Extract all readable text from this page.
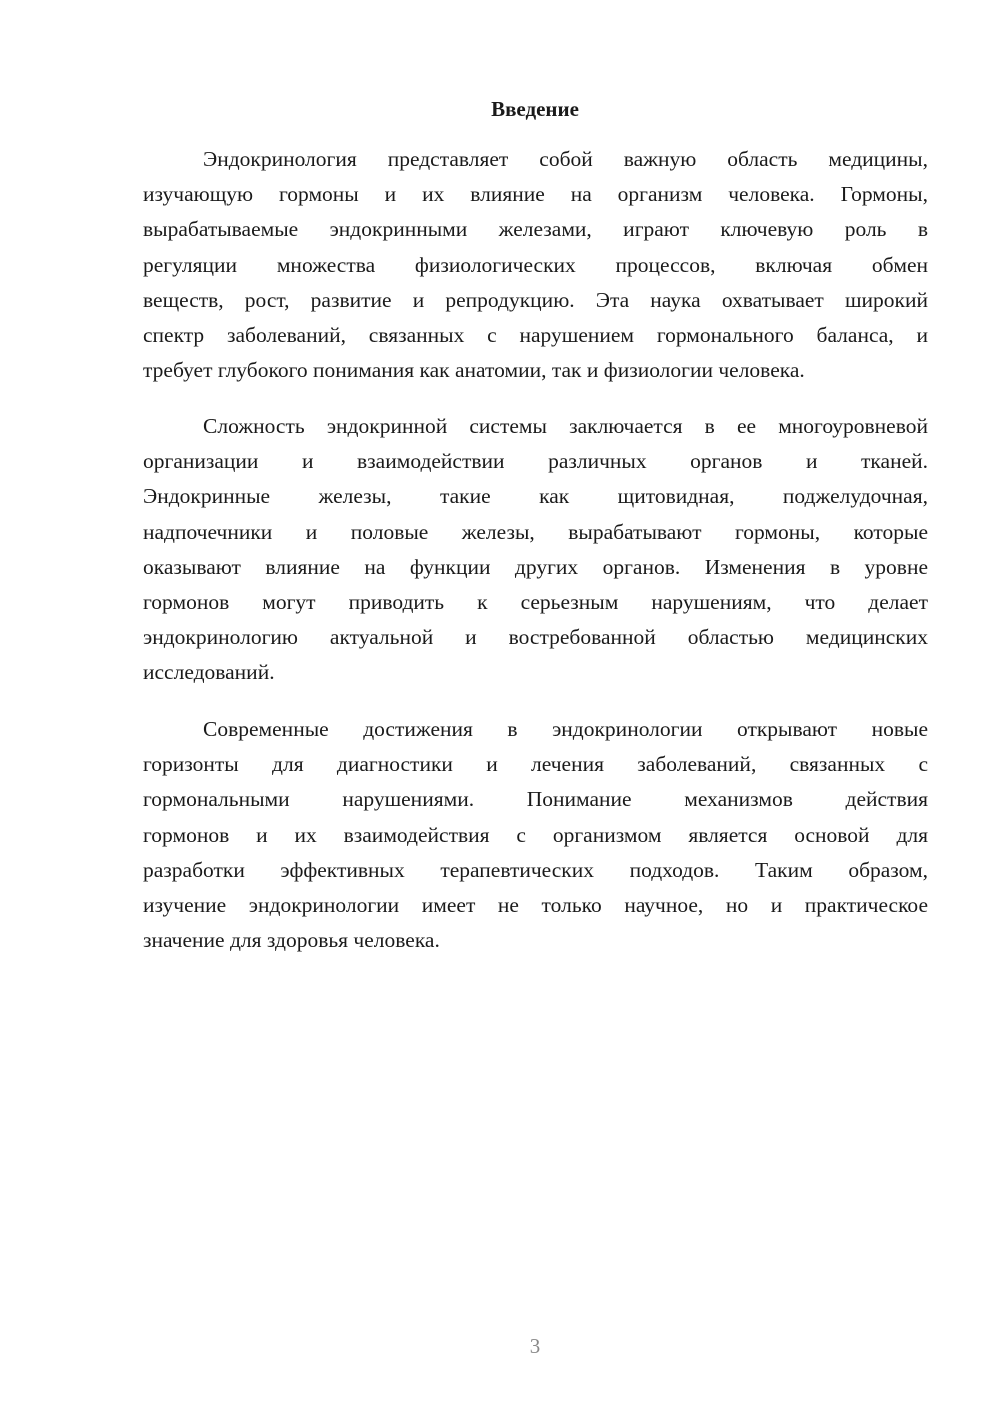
Введение
Эндокринология представляет собой важную область медицины,
изучающую гормоны и их влияние на организм человека. Гормоны,
вырабатываемые эндокринными железами, играют ключевую роль в
регуляции множества физиологических процессов, включая обмен
веществ, рост, развитие и репродукцию. Эта наука охватывает широкий
спектр заболеваний, связанных с нарушением гормонального баланса, и
требует глубокого понимания как анатомии, так и физиологии человека.
Сложность эндокринной системы заключается в ее многоуровневой
организации и взаимодействии различных органов и тканей.
Эндокринные железы, такие как щитовидная, поджелудочная,
надпочечники и половые железы, вырабатывают гормоны, которые
оказывают влияние на функции других органов. Изменения в уровне
гормонов могут приводить к серьезным нарушениям, что делает
эндокринологию актуальной и востребованной областью медицинских
исследований.
Современные достижения в эндокринологии открывают новые
горизонты для диагностики и лечения заболеваний, связанных с
гормональными нарушениями. Понимание механизмов действия
гормонов и их взаимодействия с организмом является основой для
разработки эффективных терапевтических подходов. Таким образом,
изучение эндокринологии имеет не только научное, но и практическое
значение для здоровья человека.
3
